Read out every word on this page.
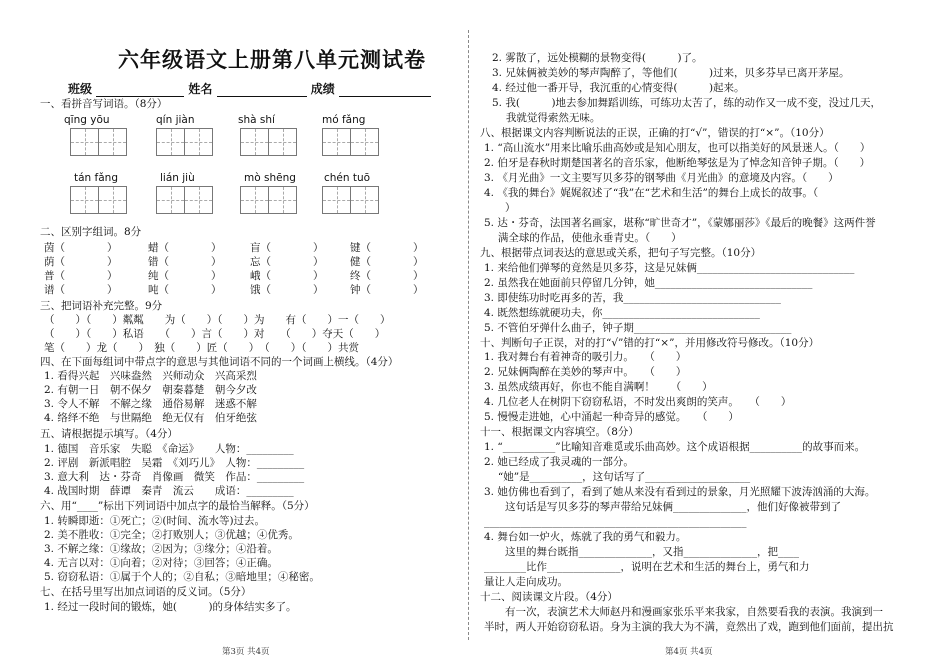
六年级语文上册第八单元测试卷
班级	姓名	成绩
一、看拼音写词语。（8分）
qīng yōu	qín jiàn	shà shí	mó fǎng
tán fǎng	lián jiù	mò shēng	chén tuō
二、区别字组词。8分
茵（　　　　）	蜡（　　　　）	盲（　　　　）	键（　　　　）
荫（　　　　）	错（　　　　）	忘（　　　　）	健（　　　　）
普（　　　　）	纯（　　　　）	峨（　　　　）	终（　　　　）
谱（　　　　）	吨（　　　　）	饿（　　　　）	钟（　　　　）
三、把词语补充完整。9分
（　　）（　　）粼粼　　为（　　）（　　）为　　有（　　）一（　　）
（　　）（　　）私语　　（　　）言（　　）对　　（　　）夺天（　　）
笔（　　）龙（　　）　独（　　）匠（　　）　（　　）（　　）共赏
四、在下面每组词中带点字的意思与其他词语不同的一个词画上横线。（4分）
1. 看得兴起　兴味盎然　兴师动众　兴高采烈
2. 有朝一日　朝不保夕　朝秦暮楚　朝今夕改
3. 令人不解　不解之缘　通俗易解　迷惑不解
4. 络绎不绝　与世隔绝　绝无仅有　伯牙绝弦
五、请根据提示填写。（4分）
1. 德国　音乐家　失聪　《命运》　　人物：_________
2. 评剧　新派唱腔　吴霜　《刘巧儿》　人物：_________
3. 意大利　达・芬奇　肖像画　微笑　作品：_________
4. 战国时期　薛谭　秦青　流云　　成语：_________
六、用“____”标出下列词语中加点字的最恰当解释。（5分）
1. 转瞬即逝：①死亡；②(时间、流水等)过去。
2. 美不胜收：①完全；②打败别人；③优越；④优秀。
3. 不解之缘：①缘故；②因为；③缘分；④沿着。
4. 无言以对：①向着；②对待；③回答；④正确。
5. 窃窃私语：①属于个人的；②自私；③暗地里；④秘密。
七、在括号里写出加点词语的反义词。（5分）
1. 经过一段时间的锻炼，她(　　　)的身体结实多了。
第3页 共4页
2. 雾散了，远处模糊的景物变得(　　　)了。
3. 兄妹俩被美妙的琴声陶醉了，等他们(　　　)过来，贝多芬早已离开茅屋。
4. 经过他一番开导，我沉重的心情变得(　　　)起来。
5. 我(　　　)地去参加舞蹈训练，可练功太苦了，练的动作又一成不变，没过几天，
　 我就觉得索然无味。
八、根据课文内容判断说法的正误，正确的打“√”，错误的打“×”。（10分）
1. “高山流水”用来比喻乐曲高妙或是知心朋友，也可以指美好的风景迷人。（　　）
2. 伯牙是春秋时期楚国著名的音乐家，他断绝琴弦是为了悼念知音钟子期。（　　）
3. 《月光曲》一文主要写贝多芬的钢琴曲《月光曲》的意境及内容。（　　）
4. 《我的舞台》娓娓叙述了“我”在“艺术和生活”的舞台上成长的故事。（
　　）
5. 达・芬奇，法国著名画家，堪称“旷世奇才”，《蒙娜丽莎》《最后的晚餐》这两件誉
　 满全球的作品，使他永垂青史。（　　）
九、根据带点词表达的意思或关系，把句子写完整。（10分）
1. 来给他们弹琴的竟然是贝多芬，这是兄妹俩______________________________
2. 虽然我在她面前只停留几分钟，她______________________________
3. 即使练功时吃再多的苦，我______________________________
4. 既然想练就硬功夫，你______________________________
5. 不管伯牙弹什么曲子，钟子期______________________________
十、判断句子正误，对的打“√”错的打“×”，并用修改符号修改。（10分）
1. 我对舞台有着神奇的吸引力。　　（　　）
2. 兄妹俩陶醉在美妙的琴声中。　　（　　）
3. 虽然成绩再好，你也不能自满啊！　　（　　）
4. 几位老人在树阴下窃窃私语，不时发出爽朗的笑声。　　（　　）
5. 慢慢走进她，心中涌起一种奇异的感觉。　　（　　）
十一、根据课文内容填空。（8分）
1. “__________”比喻知音难觅或乐曲高妙。这个成语根据__________的故事而来。
2. 她已经成了我灵魂的一部分。
　 “她”是__________，这句话写了____________________
3. 她仿佛也看到了，看到了她从来没有看到过的景象，月光照耀下波涛汹涌的大海。
　　这句话是写贝多芬的琴声带给兄妹俩______________，他们好像被带到了
__________________________________________________
4. 舞台如一炉火，炼就了我的勇气和毅力。
　　这里的舞台既指______________，又指______________，把____
________比作______________，说明在艺术和生活的舞台上，勇气和力
量让人走向成功。
十二、阅读课文片段。（4分）
　　有一次，表演艺术大师赵丹和漫画家张乐平来我家，自然要看我的表演。我演到一
半时，两人开始窃窃私语。身为主演的我大为不满，竟然出了戏，跑到他们面前，提出抗
第4页 共4页
